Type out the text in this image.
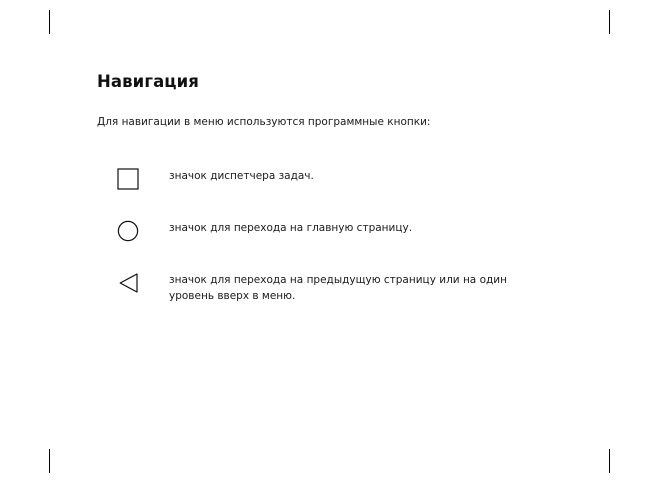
Навигация

Для навигации в меню используются программные кнопки:

значок диспетчера задач.
значок для перехода на главную страницу.
значок для перехода на предыдущую страницу или на один уровень вверх в меню.
